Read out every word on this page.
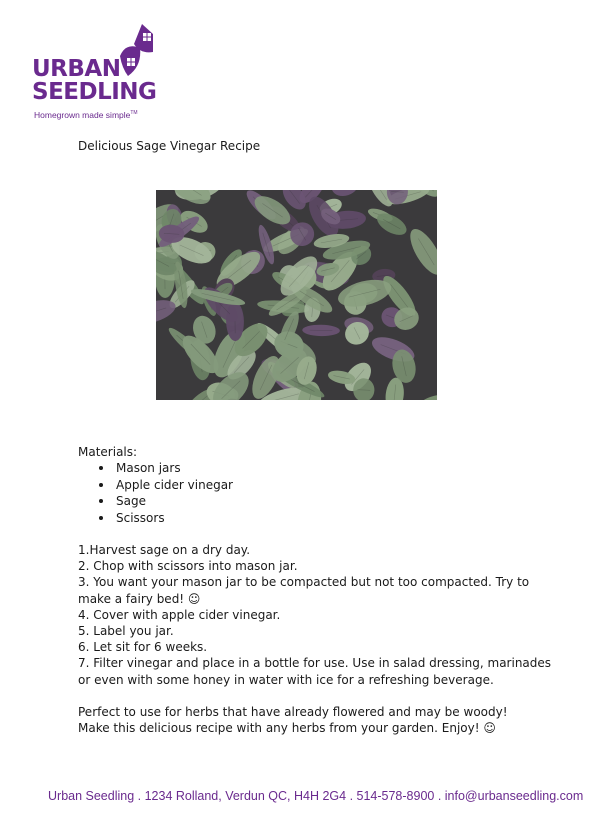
URBAN
SEEDLING
Homegrown made simple™
Delicious Sage Vinegar Recipe
Materials:
Mason jars
Apple cider vinegar
Sage
Scissors

1.Harvest sage on a dry day.

2. Chop with scissors into mason jar.

3. You want your mason jar to be compacted but not too compacted. Try to make a fairy bed! ☺

4. Cover with apple cider vinegar.

5. Label you jar.

6. Let sit for 6 weeks.

7. Filter vinegar and place in a bottle for use. Use in salad dressing, marinades or even with some honey in water with ice for a refreshing beverage.

Perfect to use for herbs that have already flowered and may be woody! Make this delicious recipe with any herbs from your garden. Enjoy! ☺

Urban Seedling . 1234 Rolland, Verdun QC, H4H 2G4 . 514-578-8900 . info@urbanseedling.com
